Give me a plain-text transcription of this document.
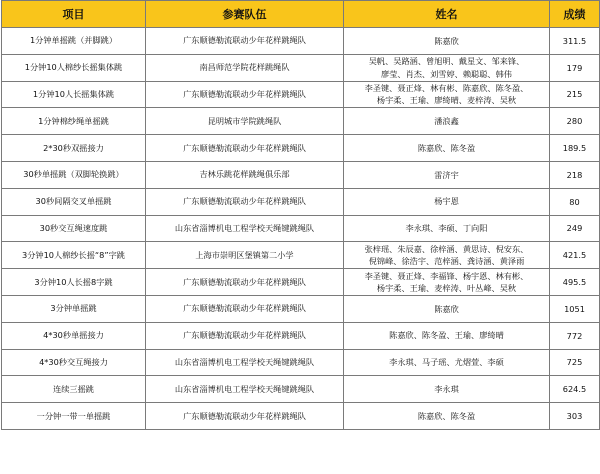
项目	参赛队伍	姓名	成绩
1分钟单摇跳（并脚跳）	广东顺德勒流联动少年花样跳绳队	陈嘉欣	311.5
1分钟10人棉纱长摇集体跳	南昌师范学院花样跳绳队	吴帆、吴路涵、曾旭明、戴星文、邹来锋、
廖莹、肖杰、刘雪婷、赖聪聪、韩伟	179
1分钟10人长摇集体跳	广东顺德勒流联动少年花样跳绳队	李圣键、聂正烽、林有彬、陈嘉欣、陈冬盈、
杨宇柔、王瑜、廖绮晴、麦梓涛、吴秋	215
1分钟棉纱绳单摇跳	昆明城市学院跳绳队	潘浪鑫	280
2*30秒双摇接力	广东顺德勒流联动少年花样跳绳队	陈嘉欣、陈冬盈	189.5
30秒单摇跳（双脚轮换跳）	吉林乐跳花样跳绳俱乐部	雷济宇	218
30秒间隔交叉单摇跳	广东顺德勒流联动少年花样跳绳队	杨宇恩	80
30秒交互绳速度跳	山东省淄博机电工程学校天绳键跳绳队	李永琪、李硕、丁向阳	249
3分钟10人棉纱长摇“8”字跳	上海市崇明区堡镇第二小学	张梓瑶、朱辰嘉、徐梓涵、黄思诗、倪安东、
倪锦峰、徐浩宇、范梓涵、龚诗涵、黄泽雨	421.5
3分钟10人长摇8字跳	广东顺德勒流联动少年花样跳绳队	李圣键、聂正烽、李福锋、杨宇恩、林有彬、
杨宇柔、王瑜、麦梓涛、叶丛峰、吴秋	495.5
3分钟单摇跳	广东顺德勒流联动少年花样跳绳队	陈嘉欣	1051
4*30秒单摇接力	广东顺德勒流联动少年花样跳绳队	陈嘉欣、陈冬盈、王瑜、廖绮晴	772
4*30秒交互绳接力	山东省淄博机电工程学校天绳键跳绳队	李永琪、马子瑶、尤熠萱、李硕	725
连续三摇跳	山东省淄博机电工程学校天绳键跳绳队	李永琪	624.5
一分钟一带一单摇跳	广东顺德勒流联动少年花样跳绳队	陈嘉欣、陈冬盈	303
